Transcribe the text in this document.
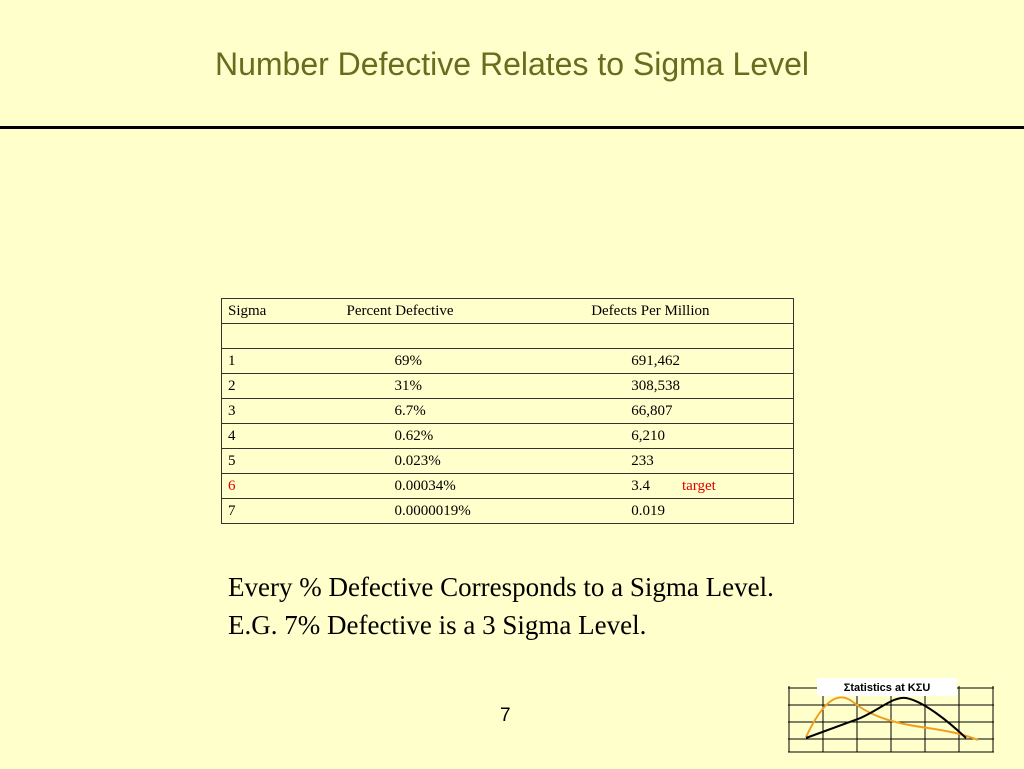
Number Defective Relates to Sigma Level
Sigma	Percent Defective	Defects Per Million

1	69%	691,462
2	31%	308,538
3	6.7%	66,807
4	0.62%	6,210
5	0.023%	233
6	0.00034%	3.4 target
7	0.0000019%	0.019
Every % Defective Corresponds to a Sigma Level. E.G. 7% Defective is a 3 Sigma Level.
7
Σtatistics at KΣU
